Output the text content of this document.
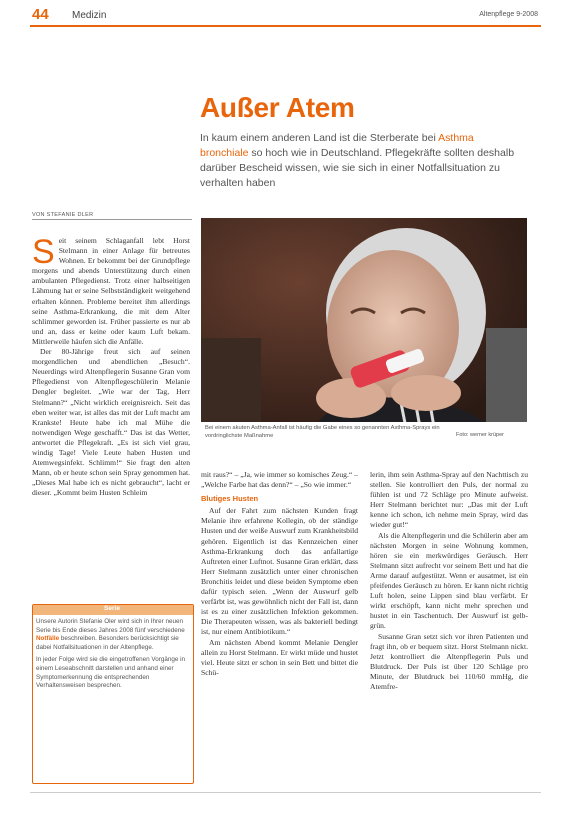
44 Medizin	Altenpflege 9-2008
Außer Atem
In kaum einem anderen Land ist die Sterberate bei Asthma bronchiale so hoch wie in Deutschland. Pflegekräfte sollten deshalb darüber Bescheid wissen, wie sie sich in einer Notfallsituation zu verhalten haben
VON STEFANIE DLER
S eit seinem Schlaganfall lebt Horst Stelmann in einer Anlage für betreutes Wohnen. Er bekommt bei der Grundpflege morgens und abends Unterstützung durch einen ambulanten Pflegedienst. Trotz einer halbseitigen Lähmung hat er seine Selbstständigkeit weitgehend erhalten können. Probleme bereitet ihm allerdings seine Asthma-Erkrankung, die mit dem Alter schlimmer geworden ist. Früher passierte es nur ab und an, dass er keine oder kaum Luft bekam. Mittlerweile häufen sich die Anfälle.

Der 80-Jährige freut sich auf seinen morgendlichen und abendlichen „Besuch“. Neuerdings wird Altenpflegerin Susanne Gran vom Pflegedienst von Altenpflegeschülerin Melanie Dengler begleitet. „Wie war der Tag, Herr Stelmann?“ „Nicht wirklich ereignisreich. Seit das eben weiter war, ist alles das mit der Luft macht am Krankste! Heute habe ich mal Mühe die notwendigen Wege geschafft.“ Das ist das Wetter, antwortet die Pflegekraft. „Es ist sich viel grau, windig Tage! Viele Leute haben Husten und Atemwegsinfekt. Schlimm!“ Sie fragt den alten Mann, ob er heute schon sein Spray genommen hat. „Dieses Mal habe ich es nicht gebraucht“, lacht er dieser. „Kommt beim Husten Schleim

Bei einem akuten Asthma-Anfall ist häufig die Gabe eines so genannten Asthma-Sprays ein vordringlichste Maßnahme	Foto: werner krüper

mit raus?“ – „Ja, wie immer so komisches Zeug.“ – „Welche Farbe hat das denn?“ – „So wie immer.“

Blutiges Husten

Auf der Fahrt zum nächsten Kunden fragt Melanie ihre erfahrene Kollegin, ob der ständige Husten und der weiße Auswurf zum Krankheitsbild gehören. Eigentlich ist das Kennzeichen einer Asthma-Erkrankung doch das anfallartige Auftreten einer Luftnot. Susanne Gran erklärt, dass Herr Stelmann zusätzlich unter einer chronischen Bronchitis leidet und diese beiden Symptome eben dafür typisch seien. „Wenn der Auswurf gelb verfärbt ist, was gewöhnlich nicht der Fall ist, dann ist es zu einer zusätzlichen Infektion gekommen. Die Therapeuten wissen, was als bakteriell bedingt ist, nur einem Antibiotikum.“

Am nächsten Abend kommt Melanie Dengler allein zu Horst Stelmann. Er wirkt müde und hustet viel. Heute sitzt er schon in sein Bett und bittet die Schü-

lerin, ihm sein Asthma-Spray auf den Nachttisch zu stellen. Sie kontrolliert den Puls, der normal zu fühlen ist und 72 Schläge pro Minute aufweist. Herr Stelmann berichtet nur: „Das mit der Luft kenne ich schon, ich nehme mein Spray, wird das wieder gut!“

Als die Altenpflegerin und die Schülerin aber am nächsten Morgen in seine Wohnung kommen, hören sie ein merkwürdiges Geräusch. Herr Stelmann sitzt aufrecht vor seinem Bett und hat die Arme darauf aufgestützt. Wenn er ausatmet, ist ein pfeifendes Geräusch zu hören. Er kann nicht richtig Luft holen, seine Lippen sind blau verfärbt. Er wirkt erschöpft, kann nicht mehr sprechen und hustet in ein Taschentuch. Der Auswurf ist gelb-grün.

Susanne Gran setzt sich vor ihren Patienten und fragt ihn, ob er bequem sitzt. Horst Stelmann nickt. Jetzt kontrolliert die Altenpflegerin Puls und Blutdruck. Der Puls ist über 120 Schläge pro Minute, der Blutdruck bei 110/60 mmHg, die Atemfre-

Serie

Unsere Autorin Stefanie Oler wird sich in Ihrer neuen Serie bis Ende dieses Jahres 2008 fünf verschiedene Notfälle beschreiben. Besonders berücksichtigt sie dabei Notfallsituationen in der Altenpflege.

In jeder Folge wird sie die eingetroffenen Vorgänge in einem Leseabschnitt darstellen und anhand einer Symptomerkennung die entsprechenden Verhaltensweisen besprechen.
